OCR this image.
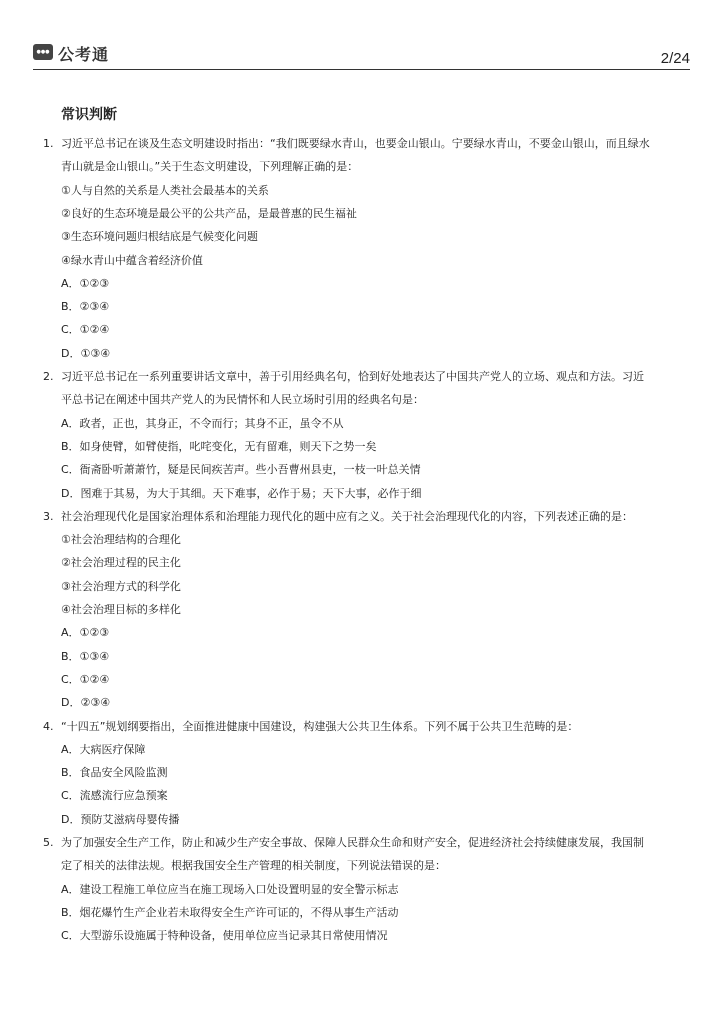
●●● 公考通	2/24
常识判断
1. 习近平总书记在谈及生态文明建设时指出：“我们既要绿水青山，也要金山银山。宁要绿水青山，不要金山银山，而且绿水
青山就是金山银山。”关于生态文明建设，下列理解正确的是：
①人与自然的关系是人类社会最基本的关系
②良好的生态环境是最公平的公共产品，是最普惠的民生福祉
③生态环境问题归根结底是气候变化问题
④绿水青山中蕴含着经济价值
A．①②③
B．②③④
C．①②④
D．①③④
2. 习近平总书记在一系列重要讲话文章中，善于引用经典名句，恰到好处地表达了中国共产党人的立场、观点和方法。习近
平总书记在阐述中国共产党人的为民情怀和人民立场时引用的经典名句是：
A．政者，正也，其身正，不令而行；其身不正，虽令不从
B．如身使臂，如臂使指，叱咤变化，无有留难，则天下之势一矣
C．衙斋卧听萧萧竹，疑是民间疾苦声。些小吾曹州县吏，一枝一叶总关情
D．图难于其易，为大于其细。天下难事，必作于易；天下大事，必作于细
3. 社会治理现代化是国家治理体系和治理能力现代化的题中应有之义。关于社会治理现代化的内容，下列表述正确的是：
①社会治理结构的合理化
②社会治理过程的民主化
③社会治理方式的科学化
④社会治理目标的多样化
A．①②③
B．①③④
C．①②④
D．②③④
4. “十四五”规划纲要指出，全面推进健康中国建设，构建强大公共卫生体系。下列不属于公共卫生范畴的是：
A．大病医疗保障
B．食品安全风险监测
C．流感流行应急预案
D．预防艾滋病母婴传播
5. 为了加强安全生产工作，防止和减少生产安全事故、保障人民群众生命和财产安全，促进经济社会持续健康发展，我国制
定了相关的法律法规。根据我国安全生产管理的相关制度，下列说法错误的是：
A．建设工程施工单位应当在施工现场入口处设置明显的安全警示标志
B．烟花爆竹生产企业若未取得安全生产许可证的，不得从事生产活动
C．大型游乐设施属于特种设备，使用单位应当记录其日常使用情况
